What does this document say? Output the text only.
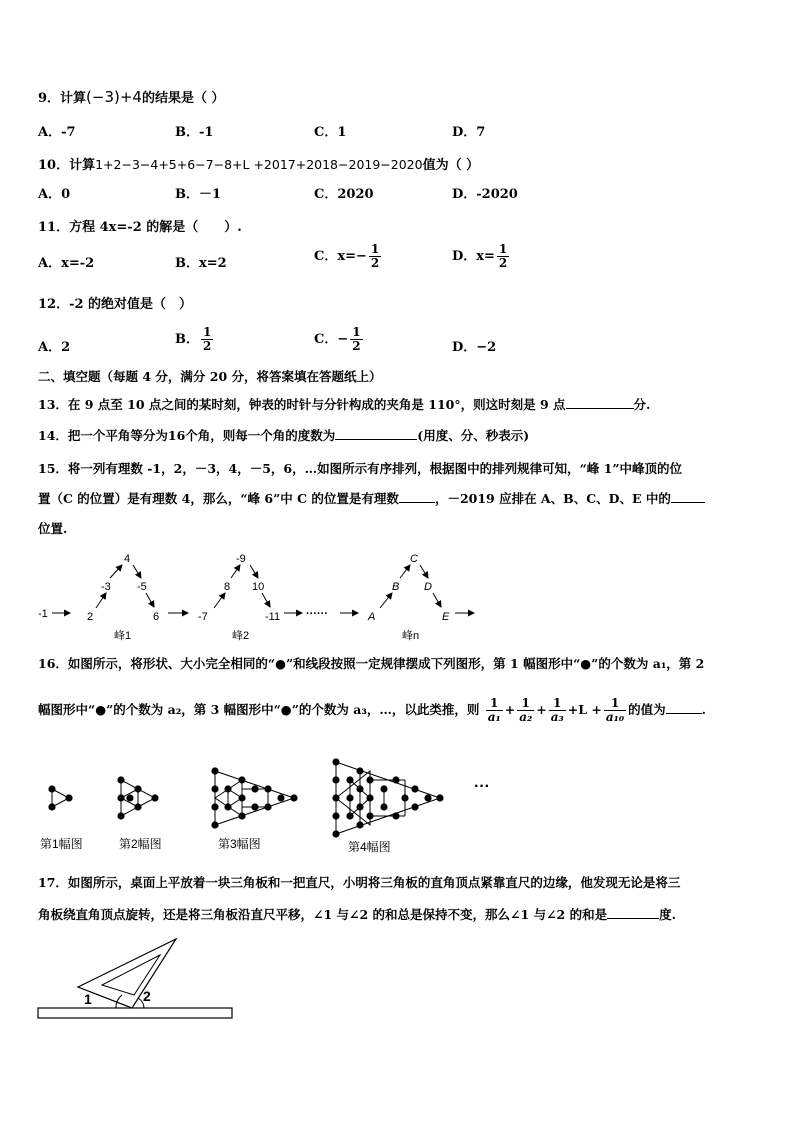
9．计算(−3)+4的结果是（ ）
A．-7	B．-1	C．1	D．7
10．计算1+2−3−4+5+6−7−8+L +2017+2018−2019−2020值为（ ）
A．0	B．－1	C．2020	D．-2020
11．方程 4x=-2 的解是（　　）.
A．x=-2	B．x=2	C．$x=- \frac{1}{2}$	D．$x= \frac{1}{2}$
12．-2 的绝对值是（　）
A．2
B． $\frac{1}{2}$	C．− $\frac{1}{2}$	D．−2
二、填空题（每题 4 分，满分 20 分，将答案填在答题纸上）
13．在 9 点至 10 点之间的某时刻，钟表的时针与分针构成的夹角是 110°，则这时刻是 9 点	分.
14．把一个平角等分为16个角，则每一个角的度数为	(用度、分、秒表示)
15．将一列有理数 -1，2，－3，4，－5，6，…如图所示有序排列，根据图中的排列规律可知，“峰 1”中峰顶的位
置（C 的位置）是有理数 4，那么，“峰 6”中 C 的位置是有理数	，－2019 应排在 A、B、C、D、E 中的
位置.
-1	2
-3
4
-5
6
峰1
-7
8
-9
10
-11
峰2
······	A
B
C
D
E
峰n
16．如图所示，将形状、大小完全相同的“●”和线段按照一定规律摆成下列图形，第 1 幅图形中“●”的个数为 a₁，第 2
幅图形中“●”的个数为 a₂，第 3 幅图形中“●”的个数为 a₃，…，以此类推，则 $\frac{1}{\text{a₁}} + \frac{1}{\text{a₂}} + \frac{1}{\text{a₃}} +L + \frac{1}{\text{a₁₀}}$ 的值为	.
···
第1幅图	第2幅图	第3幅图	第4幅图
17．如图所示，桌面上平放着一块三角板和一把直尺，小明将三角板的直角顶点紧靠直尺的边缘，他发现无论是将三
角板绕直角顶点旋转，还是将三角板沿直尺平移，∠1 与∠2 的和总是保持不变，那么∠1 与∠2 的和是	度.
1	2
